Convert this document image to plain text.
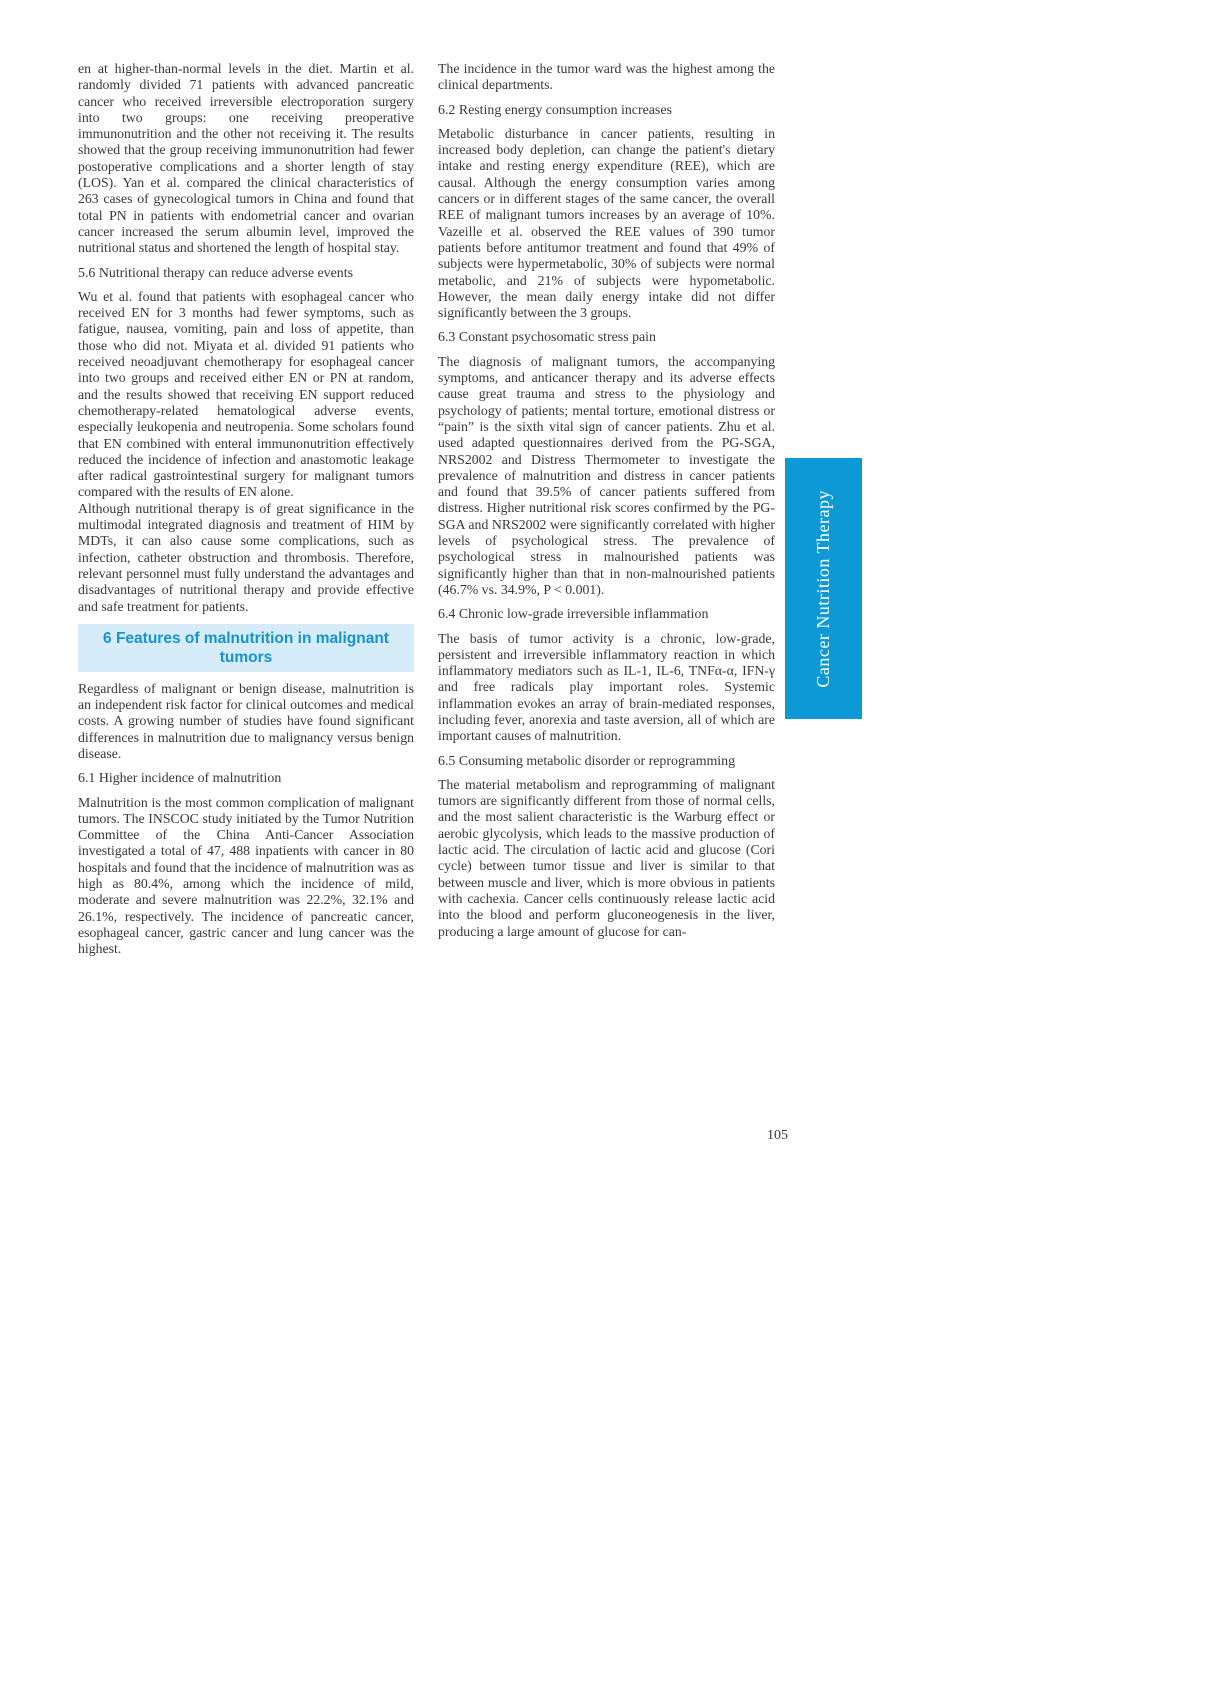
en at higher-than-normal levels in the diet. Martin et al. randomly divided 71 patients with advanced pancreatic cancer who received irreversible electroporation surgery into two groups: one receiving preoperative immunonutrition and the other not receiving it. The results showed that the group receiving immunonutrition had fewer postoperative complications and a shorter length of stay (LOS). Yan et al. compared the clinical characteristics of 263 cases of gynecological tumors in China and found that total PN in patients with endometrial cancer and ovarian cancer increased the serum albumin level, improved the nutritional status and shortened the length of hospital stay.

5.6 Nutritional therapy can reduce adverse events

Wu et al. found that patients with esophageal cancer who received EN for 3 months had fewer symptoms, such as fatigue, nausea, vomiting, pain and loss of appetite, than those who did not. Miyata et al. divided 91 patients who received neoadjuvant chemotherapy for esophageal cancer into two groups and received either EN or PN at random, and the results showed that receiving EN support reduced chemotherapy-related hematological adverse events, especially leukopenia and neutropenia. Some scholars found that EN combined with enteral immunonutrition effectively reduced the incidence of infection and anastomotic leakage after radical gastrointestinal surgery for malignant tumors compared with the results of EN alone.

Although nutritional therapy is of great significance in the multimodal integrated diagnosis and treatment of HIM by MDTs, it can also cause some complications, such as infection, catheter obstruction and thrombosis. Therefore, relevant personnel must fully understand the advantages and disadvantages of nutritional therapy and provide effective and safe treatment for patients.

6 Features of malnutrition in malignant tumors

Regardless of malignant or benign disease, malnutrition is an independent risk factor for clinical outcomes and medical costs. A growing number of studies have found significant differences in malnutrition due to malignancy versus benign disease.

6.1 Higher incidence of malnutrition

Malnutrition is the most common complication of malignant tumors. The INSCOC study initiated by the Tumor Nutrition Committee of the China Anti-Cancer Association investigated a total of 47, 488 inpatients with cancer in 80 hospitals and found that the incidence of malnutrition was as high as 80.4%, among which the incidence of mild, moderate and severe malnutrition was 22.2%, 32.1% and 26.1%, respectively. The incidence of pancreatic cancer, esophageal cancer, gastric cancer and lung cancer was the highest.

The incidence in the tumor ward was the highest among the clinical departments.

6.2 Resting energy consumption increases

Metabolic disturbance in cancer patients, resulting in increased body depletion, can change the patient's dietary intake and resting energy expenditure (REE), which are causal. Although the energy consumption varies among cancers or in different stages of the same cancer, the overall REE of malignant tumors increases by an average of 10%. Vazeille et al. observed the REE values of 390 tumor patients before antitumor treatment and found that 49% of subjects were hypermetabolic, 30% of subjects were normal metabolic, and 21% of subjects were hypometabolic. However, the mean daily energy intake did not differ significantly between the 3 groups.

6.3 Constant psychosomatic stress pain

The diagnosis of malignant tumors, the accompanying symptoms, and anticancer therapy and its adverse effects cause great trauma and stress to the physiology and psychology of patients; mental torture, emotional distress or “pain” is the sixth vital sign of cancer patients. Zhu et al. used adapted questionnaires derived from the PG-SGA, NRS2002 and Distress Thermometer to investigate the prevalence of malnutrition and distress in cancer patients and found that 39.5% of cancer patients suffered from distress. Higher nutritional risk scores confirmed by the PG-SGA and NRS2002 were significantly correlated with higher levels of psychological stress. The prevalence of psychological stress in malnourished patients was significantly higher than that in non-malnourished patients (46.7% vs. 34.9%, P < 0.001).

6.4 Chronic low-grade irreversible inflammation

The basis of tumor activity is a chronic, low-grade, persistent and irreversible inflammatory reaction in which inflammatory mediators such as IL-1, IL-6, TNFα-α, IFN-γ and free radicals play important roles. Systemic inflammation evokes an array of brain-mediated responses, including fever, anorexia and taste aversion, all of which are important causes of malnutrition.

6.5 Consuming metabolic disorder or reprogramming

The material metabolism and reprogramming of malignant tumors are significantly different from those of normal cells, and the most salient characteristic is the Warburg effect or aerobic glycolysis, which leads to the massive production of lactic acid. The circulation of lactic acid and glucose (Cori cycle) between tumor tissue and liver is similar to that between muscle and liver, which is more obvious in patients with cachexia. Cancer cells continuously release lactic acid into the blood and perform gluconeogenesis in the liver, producing a large amount of glucose for can-

Cancer Nutrition Therapy
105
